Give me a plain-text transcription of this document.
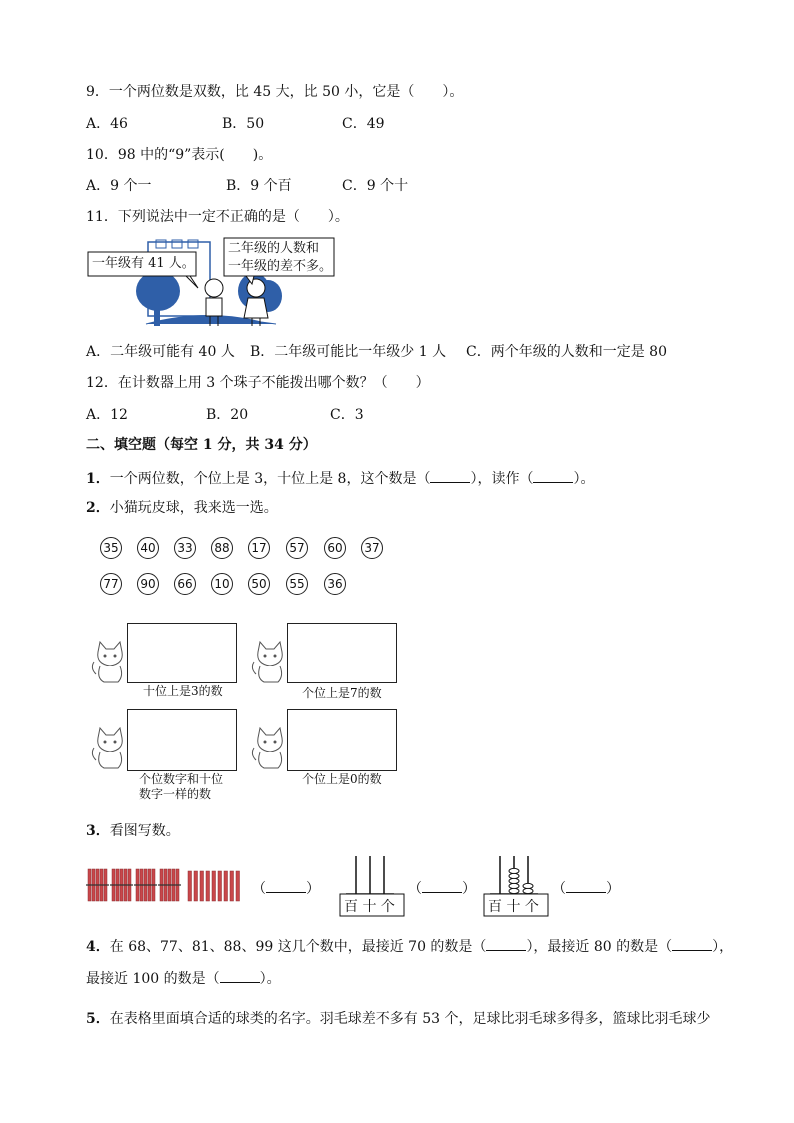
9．一个两位数是双数，比 45 大，比 50 小，它是（　　）。
A．46	B．50	C．49
10．98 中的“9”表示(　　)。
A．9 个一	B．9 个百	C．9 个十
11．下列说法中一定不正确的是（　　）。
一年级有 41 人。
二年级的人数和
一年级的差不多。
A．二年级可能有 40 人 B．二年级可能比一年级少 1 人 C．两个年级的人数和一定是 80
12．在计数器上用 3 个珠子不能拨出哪个数？（　　）
A．12	B．20	C．3
二、填空题（每空 1 分，共 34 分）
1．一个两位数，个位上是 3，十位上是 8，这个数是（	），读作（	）。
2．小猫玩皮球，我来选一选。
35 40 33 88 17 57 60 37
77 90 66 10 50 55 36
十位上是3的数	个位上是7的数
个位数字和十位
数字一样的数
个位上是0的数
3．看图写数。
（	）
百 十 个
（	）
百 十 个
（	）
4．在 68、77、81、88、99 这几个数中，最接近 70 的数是（	），最接近 80 的数是（	），
最接近 100 的数是（	）。
5．在表格里面填合适的球类的名字。羽毛球差不多有 53 个，足球比羽毛球多得多，篮球比羽毛球少
